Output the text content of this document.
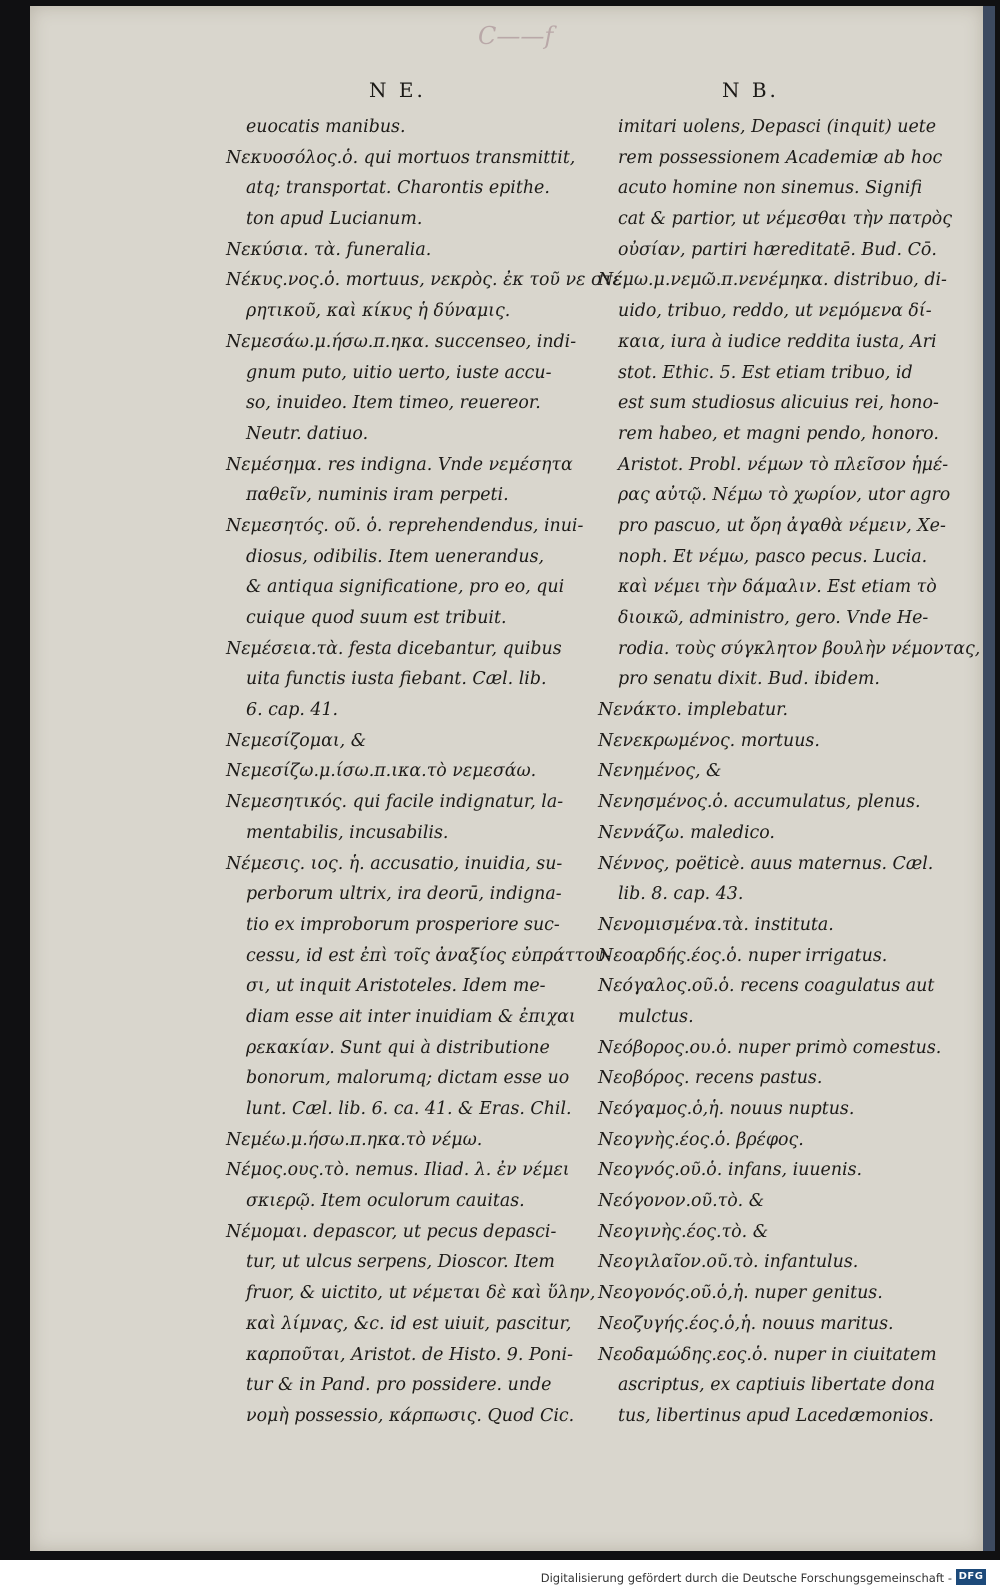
C——f
N E.	N B.
euocatis manibus.
Nεκυοσόλος.ὁ. qui mortuos transmittit,
atq; transportat. Charontis epithe.
ton apud Lucianum.
Nεκύσια. τὰ. funeralia.
Nέκυς.νος.ὁ. mortuus, νεκρὸς. ἐκ τοῦ νε στε
ρητικοῦ, καὶ κίκυς ἡ δύναμις.
Nεμεσάω.μ.ήσω.π.ηκα. succenseo, indi-
gnum puto, uitio uerto, iuste accu-
so, inuideo. Item timeo, reuereor.
Neutr. datiuo.
Nεμέσημα. res indigna. Vnde νεμέσητα
παθεῖν, numinis iram perpeti.
Nεμεσητός. οῦ. ὁ. reprehendendus, inui-
diosus, odibilis. Item uenerandus,
& antiqua significatione, pro eo, qui
cuique quod suum est tribuit.
Nεμέσεια.τὰ. festa dicebantur, quibus
uita functis iusta fiebant. Cæl. lib.
6. cap. 41.
Nεμεσίζομαι, &
Nεμεσίζω.μ.ίσω.π.ικα.τὸ νεμεσάω.
Nεμεσητικός. qui facile indignatur, la-
mentabilis, incusabilis.
Nέμεσις. ιος. ἡ. accusatio, inuidia, su-
perborum ultrix, ira deorū, indigna-
tio ex improborum prosperiore suc-
cessu, id est ἐπὶ τοῖς ἀναξίος εὐπράττου-
σι, ut inquit Aristoteles. Idem me-
diam esse ait inter inuidiam & ἐπιχαι
ρεκακίαν. Sunt qui à distributione
bonorum, malorumq; dictam esse uo
lunt. Cæl. lib. 6. ca. 41. & Eras. Chil.
Nεμέω.μ.ήσω.π.ηκα.τὸ νέμω.
Nέμος.ους.τὸ. nemus. Iliad. λ. ἐν νέμει
σκιερῷ. Item oculorum cauitas.
Nέμομαι. depascor, ut pecus depasci-
tur, ut ulcus serpens, Dioscor. Item
fruor, & uictito, ut νέμεται δὲ καὶ ὕλην,
καὶ λίμνας, &c. id est uiuit, pascitur,
καρποῦται, Aristot. de Histo. 9. Poni-
tur & in Pand. pro possidere. unde
νομὴ possessio, κάρπωσις. Quod Cic.
imitari uolens, Depasci (inquit) uete
rem possessionem Academiæ ab hoc
acuto homine non sinemus. Signifi
cat & partior, ut νέμεσθαι τὴν πατρὸς
οὐσίαν, partiri hæreditatē. Bud. Cō.
Nέμω.μ.νεμῶ.π.νενέμηκα. distribuo, di-
uido, tribuo, reddo, ut νεμόμενα δί-
καια, iura à iudice reddita iusta, Ari
stot. Ethic. 5. Est etiam tribuo, id
est sum studiosus alicuius rei, hono-
rem habeo, et magni pendo, honoro.
Aristot. Probl. νέμων τὸ πλεῖσον ἡμέ-
ρας αὐτῷ. Nέμω τὸ χωρίον, utor agro
pro pascuo, ut ὄρη ἀγαθὰ νέμειν, Xe-
noph. Et νέμω, pasco pecus. Lucia.
καὶ νέμει τὴν δάμαλιν. Est etiam τὸ
διοικῶ, administro, gero. Vnde He-
rodia. τοὺς σύγκλητον βουλὴν νέμοντας,
pro senatu dixit. Bud. ibidem.
Nενάκτο. implebatur.
Nενεκρωμένος. mortuus.
Nενημένος, &
Nενησμένος.ὁ. accumulatus, plenus.
Nεννάζω. maledico.
Nέννος, poëticè. auus maternus. Cæl.
lib. 8. cap. 43.
Nενομισμένα.τὰ. instituta.
Nεοαρδής.έος.ὁ. nuper irrigatus.
Nεόγαλος.οῦ.ὁ. recens coagulatus aut
mulctus.
Nεόβορος.ου.ὁ. nuper primò comestus.
Nεοβόρος. recens pastus.
Nεόγαμος.ὁ,ἡ. nouus nuptus.
Nεογνὴς.έος.ὁ. βρέφος.
Nεογνός.οῦ.ὁ. infans, iuuenis.
Nεόγονον.οῦ.τὸ. &
Nεογινὴς.έος.τὸ. &
Nεογιλαῖον.οῦ.τὸ. infantulus.
Nεογονός.οῦ.ὁ,ἡ. nuper genitus.
Nεοζυγής.έος.ὁ,ἡ. nouus maritus.
Nεοδαμώδης.εος.ὁ. nuper in ciuitatem
ascriptus, ex captiuis libertate dona
tus, libertinus apud Lacedæmonios.
Digitalisierung gefördert durch die Deutsche Forschungsgemeinschaft - DFG
